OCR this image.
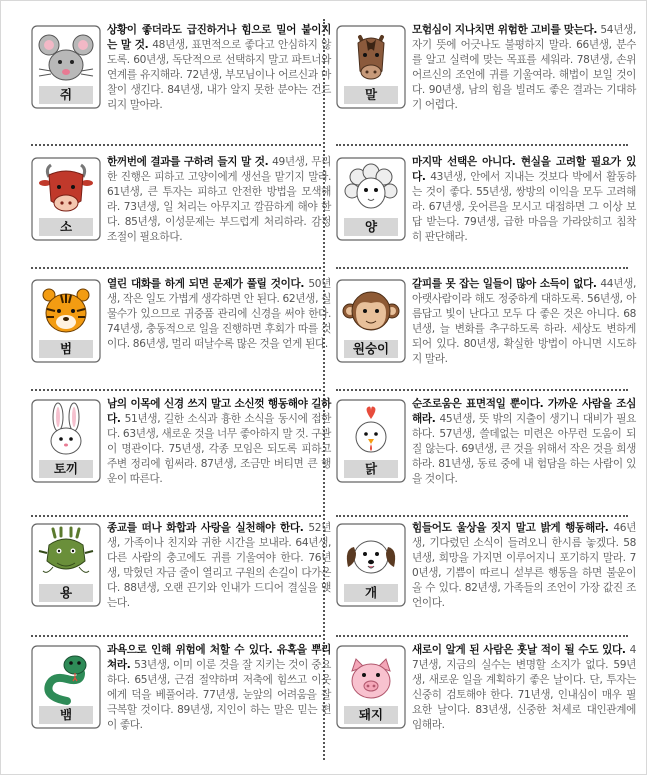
쥐
상황이 좋더라도 급진하거나 힘으로 밀어 붙이지는 말 것. 48년생, 표면적으로 좋다고 안심하지 않도록. 60년생, 독단적으로 선택하지 말고 파트너와 연계를 유지해라. 72년생, 부모님이나 어르신과 마찰이 생긴다. 84년생, 내가 알지 못한 분야는 건드리지 말아라.
말
모험심이 지나치면 위험한 고비를 맞는다. 54년생, 자기 뜻에 어긋나도 불평하지 말라. 66년생, 분수를 알고 실력에 맞는 목표를 세워라. 78년생, 손위 어르신의 조언에 귀를 기울여라. 해법이 보일 것이다. 90년생, 남의 힘을 빌려도 좋은 결과는 기대하기 어렵다.
소
한꺼번에 결과를 구하려 들지 말 것. 49년생, 무리한 진행은 피하고 고양이에게 생선을 맡기지 말라. 61년생, 큰 투자는 피하고 안전한 방법을 모색해라. 73년생, 일 처리는 아무지고 깔끔하게 해야 한다. 85년생, 이성문제는 부드럽게 처리하라. 감정조절이 필요하다.
양
마지막 선택은 아니다. 현실을 고려할 필요가 있다. 43년생, 안에서 지내는 것보다 박에서 활동하는 것이 좋다. 55년생, 쌍방의 이익을 모두 고려해라. 67년생, 웃어른을 모시고 대접하면 그 이상 보답 받는다. 79년생, 급한 마음을 가라앉히고 침착히 판단해라.
범
열린 대화를 하게 되면 문제가 풀릴 것이다. 50년생, 작은 일도 가볍게 생각하면 안 된다. 62년생, 실물수가 있으므로 귀중품 관리에 신경을 써야 한다. 74년생, 충동적으로 일을 진행하면 후회가 따를 것이다. 86년생, 멀리 떠날수록 많은 것을 얻게 된다.	원숭이
갈피를 못 잡는 일들이 많아 소득이 없다. 44년생, 아랫사람이라 해도 정중하게 대하도록. 56년생, 아름답고 빛이 난다고 모두 다 좋은 것은 아니다. 68년생, 늘 변화를 추구하도록 하라. 세상도 변하게 되어 있다. 80년생, 확실한 방법이 아니면 시도하지 말라.
토끼
남의 이목에 신경 쓰지 말고 소신껏 행동해야 길하다. 51년생, 길한 소식과 흉한 소식을 동시에 접한다. 63년생, 새로운 것을 너무 좋아하지 말 것. 구관이 명관이다. 75년생, 각종 모임은 되도록 피하고 주변 정리에 힘써라. 87년생, 조금만 버티면 큰 행운이 따른다.
닭
순조로움은 표면적일 뿐이다. 가까운 사람을 조심해라. 45년생, 뜻 밖의 지출이 생기니 대비가 필요하다. 57년생, 쓸데없는 미련은 아무런 도움이 되질 않는다. 69년생, 큰 것을 위해서 작은 것을 희생하라. 81년생, 동료 중에 내 험담을 하는 사람이 있을 것이다.
용
종교를 떠나 화합과 사랑을 실천해야 한다. 52년생, 가족이나 친지와 귀한 시간을 보내라. 64년생, 다른 사람의 충고에도 귀를 기울여야 한다. 76년생, 막혔던 자금 줄이 열리고 구원의 손길이 다가온다. 88년생, 오랜 끈기와 인내가 드디어 결실을 맺는다.
개
힘들어도 울상을 짓지 말고 밝게 행동해라. 46년생, 기다렸던 소식이 들려오니 한시름 놓겠다. 58년생, 희망을 가지면 이루어지니 포기하지 말라. 70년생, 기쁨이 따르니 섣부른 행동을 하면 불운이 올 수 있다. 82년생, 가족들의 조언이 가장 값진 조언이다.
뱀
과욕으로 인해 위험에 처할 수 있다. 유혹을 뿌리쳐라. 53년생, 이미 이룬 것을 잘 지키는 것이 중요하다. 65년생, 근검 절약하며 저축에 힘쓰고 이웃에게 덕을 베풀어라. 77년생, 눈앞의 어려움을 잘 극복할 것이다. 89년생, 지인이 하는 말은 믿는 편이 좋다.
돼지
새로이 알게 된 사람은 훗날 적이 될 수도 있다. 47년생, 지금의 실수는 변명할 소지가 없다. 59년생, 새로운 일을 계획하기 좋은 날이다. 단, 투자는 신중히 검토해야 한다. 71년생, 인내심이 매우 필요한 날이다. 83년생, 신중한 처세로 대인관계에 임해라.
